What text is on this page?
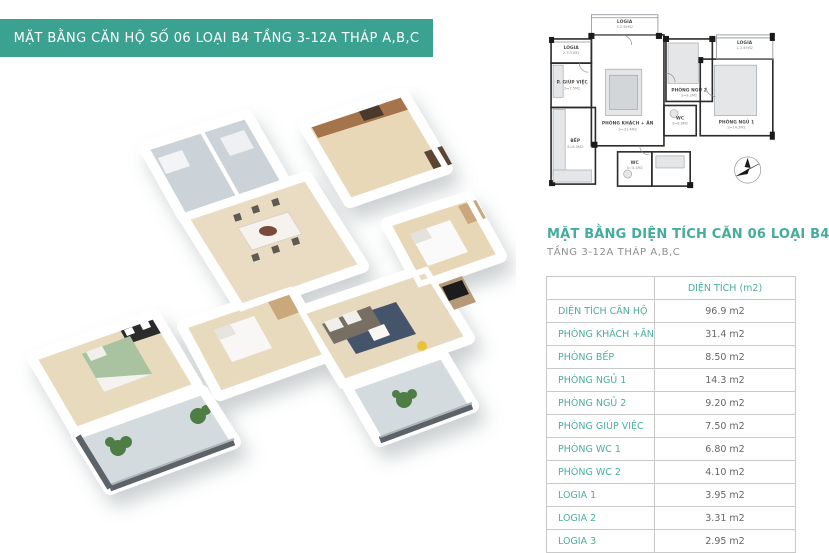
MẶT BẰNG CĂN HỘ SỐ 06 LOẠI B4 TẦNG 3-12A THÁP A,B,C
LOGIA
3-2.95M2
LOGIA
2-3.31M2
LOGIA
1-3.95M2
P. GIÚP VIỆC
S=7.5M2
PHÒNG KHÁCH + ĂN
S=31.4M2
PHÒNG NGỦ 2
S=9.2M2
PHÒNG NGỦ 1
S=14.3M2
BẾP
S=8.5M2
WC
S=6.8M2
WC
S=4.1M2
MẶT BẰNG DIỆN TÍCH CĂN 06 LOẠI B4
TẦNG 3-12A THÁP A,B,C
	DIỆN TÍCH (m2)
DIỆN TÍCH CĂN HỘ	96.9 m2
PHÒNG KHÁCH +ĂN	31.4 m2
PHÒNG BẾP	8.50 m2
PHÒNG NGỦ 1	14.3 m2
PHÒNG NGỦ 2	9.20 m2
PHÒNG GIÚP VIỆC	7.50 m2
PHÒNG WC 1	6.80 m2
PHÒNG WC 2	4.10 m2
LOGIA 1	3.95 m2
LOGIA 2	3.31 m2
LOGIA 3	2.95 m2
